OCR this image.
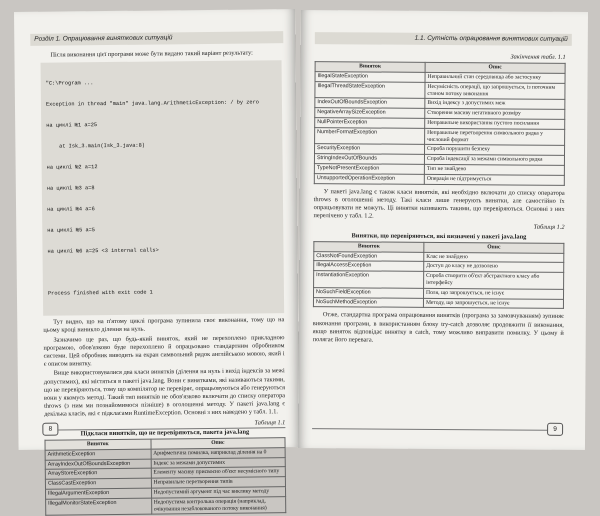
Розділ 1. Опрацювання виняткових ситуацій

Після виконання цієї програми може бути видано такий варіант результату:

"C:\Program ...

Exception in thread "main" java.lang.ArithmeticException: / by zero

на циклі №1 a=25

at Isk_3.main(Isk_3.java:8)

на циклі №2 a=12

на циклі №3 a=8

на циклі №4 a=6

на циклі №5 a=5

на циклі №6 a=25 <3 internal calls>

​

Process finished with exit code 1

Тут видно, що на п'ятому циклі програма зупинила своє виконання, тому що на цьому кроці виникло ділення на нуль.

Зазначимо ще раз, що будь-який виняток, який не перехоплено прикладною програмою, обов'язково буде перехоплено й опрацьовано стандартним обробником системи. Цей обробник виводить на екран символьний рядок англійською мовою, який і є описом винятку.

Вище використовувалися два класи винятків (ділення на нуль і вихід індексів за межі допустимих), які містяться в пакеті java.lang. Вони є винятками, які називаються такими, що не перевіряються, тому що компілятор не перевіряє, опрацьовуються або генеруються вони у якомусь методі. Такий тип винятків не обов'язково включати до списку оператора throws (з ним ми познайомимося пізніше) в оголошенні методу. У пакеті java.lang є декілька класів, які є підкласами RuntimeException. Основні з них наведено у табл. 1.1.

Таблиця 1.1
Підкласи винятків, що не перевіряються, пакета java.lang
Виняток	Опис
ArithmeticException	Арифметична помилка, наприклад ділення на 0
ArrayIndexOutOfBoundsException	Індекс за межами допустимих
ArrayStoreException	Елементу масиву присвоєно об'єкт несумісного типу
ClassCastException	Неправильне перетворення типів
IllegalArgumentException	Недопустимий аргумент під час виклику методу
IllegalMonitorStateException	Недопустима контрольна операція (наприклад, очікування незаблокованого потоку виконання)
8
1.1. Сутність опрацювання виняткових ситуацій
Закінчення табл. 1.1
Виняток	Опис
IllegalStateException	Неправильний стан середовища або застосунку
IllegalThreadStateException	Несумісність операції, що запрошується, із поточним станом потоку виконання
IndexOutOfBoundsException	Вихід індексу з допустимих меж
NegativeArraySizeException	Створення масиву негативного розміру
NullPointerException	Неправильне використання пустого посилання
NumberFormatException	Неправильне перетворення символьного рядка у числовий формат
SecurityException	Спроба порушити безпеку
StringIndexOutOfBounds	Спроба індексації за межами символьного рядка
TypeNotPresentException	Тип не знайдено
UnsupportedOperationException	Операція не підтримується

У пакеті java.lang є також класи винятків, які необхідно включати до списку оператора throws в оголошенні методу. Такі класи лише генерують винятки, але самостійно їх опрацьовувати не можуть. Ці винятки називають такими, що перевіряються. Основні з них перелічено у табл. 1.2.

Таблиця 1.2
Винятки, що перевіряються, які визначені у пакеті java.lang
Виняток	Опис
ClassNotFoundException	Клас не знайдено
IllegalAccessException	Доступ до класу не дозволено
InstantiationException	Спроба створити об'єкт абстрактного класу або інтерфейсу
NoSuchFieldException	Поля, що запрошується, не існує
NoSuchMethodException	Методу, що запрошується, не існує

Отже, стандартна програма опрацювання винятків (програма за замовчуванням) зупиняє виконання програми, в використанням блоку try-catch дозволяє продовжити її виконання, якщо виняток відповідає винятку в catch, тому можливо виправити помилку. У цьому й полягає його перевага.

9
